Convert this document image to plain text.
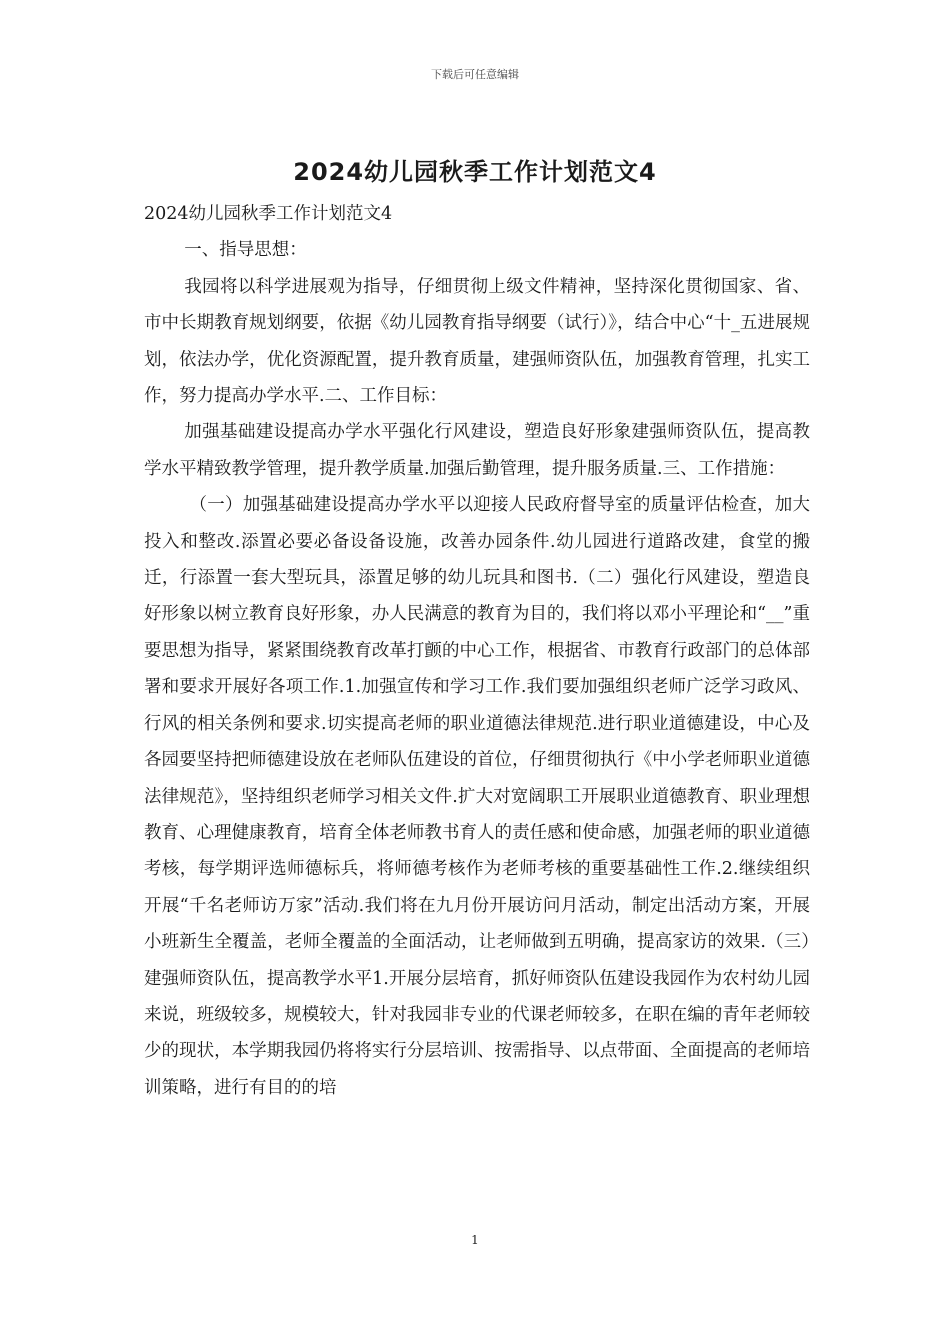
下载后可任意编辑
2024幼儿园秋季工作计划范文4

2024幼儿园秋季工作计划范文4

一、指导思想：

我园将以科学进展观为指导，仔细贯彻上级文件精神，坚持深化贯彻国家、省、市中长期教育规划纲要，依据《幼儿园教育指导纲要（试行）》，结合中心“十_五进展规划，依法办学，优化资源配置，提升教育质量，建强师资队伍，加强教育管理，扎实工作，努力提高办学水平.二、工作目标：

加强基础建设提高办学水平强化行风建设，塑造良好形象建强师资队伍，提高教学水平精致教学管理，提升教学质量.加强后勤管理，提升服务质量.三、工作措施：

（一）加强基础建设提高办学水平以迎接人民政府督导室的质量评估检查，加大投入和整改.添置必要必备设备设施，改善办园条件.幼儿园进行道路改建，食堂的搬迁，行添置一套大型玩具，添置足够的幼儿玩具和图书.（二）强化行风建设，塑造良好形象以树立教育良好形象，办人民满意的教育为目的，我们将以邓小平理论和“__”重要思想为指导，紧紧围绕教育改革打颤的中心工作，根据省、市教育行政部门的总体部署和要求开展好各项工作.1.加强宣传和学习工作.我们要加强组织老师广泛学习政风、行风的相关条例和要求.切实提高老师的职业道德法律规范.进行职业道德建设，中心及各园要坚持把师德建设放在老师队伍建设的首位，仔细贯彻执行《中小学老师职业道德法律规范》，坚持组织老师学习相关文件.扩大对宽阔职工开展职业道德教育、职业理想教育、心理健康教育，培育全体老师教书育人的责任感和使命感，加强老师的职业道德考核，每学期评选师德标兵，将师德考核作为老师考核的重要基础性工作.2.继续组织开展“千名老师访万家”活动.我们将在九月份开展访问月活动，制定出活动方案，开展小班新生全覆盖，老师全覆盖的全面活动，让老师做到五明确，提高家访的效果.（三）建强师资队伍，提高教学水平1.开展分层培育，抓好师资队伍建设我园作为农村幼儿园来说，班级较多，规模较大，针对我园非专业的代课老师较多，在职在编的青年老师较少的现状，本学期我园仍将将实行分层培训、按需指导、以点带面、全面提高的老师培训策略，进行有目的的培

1
